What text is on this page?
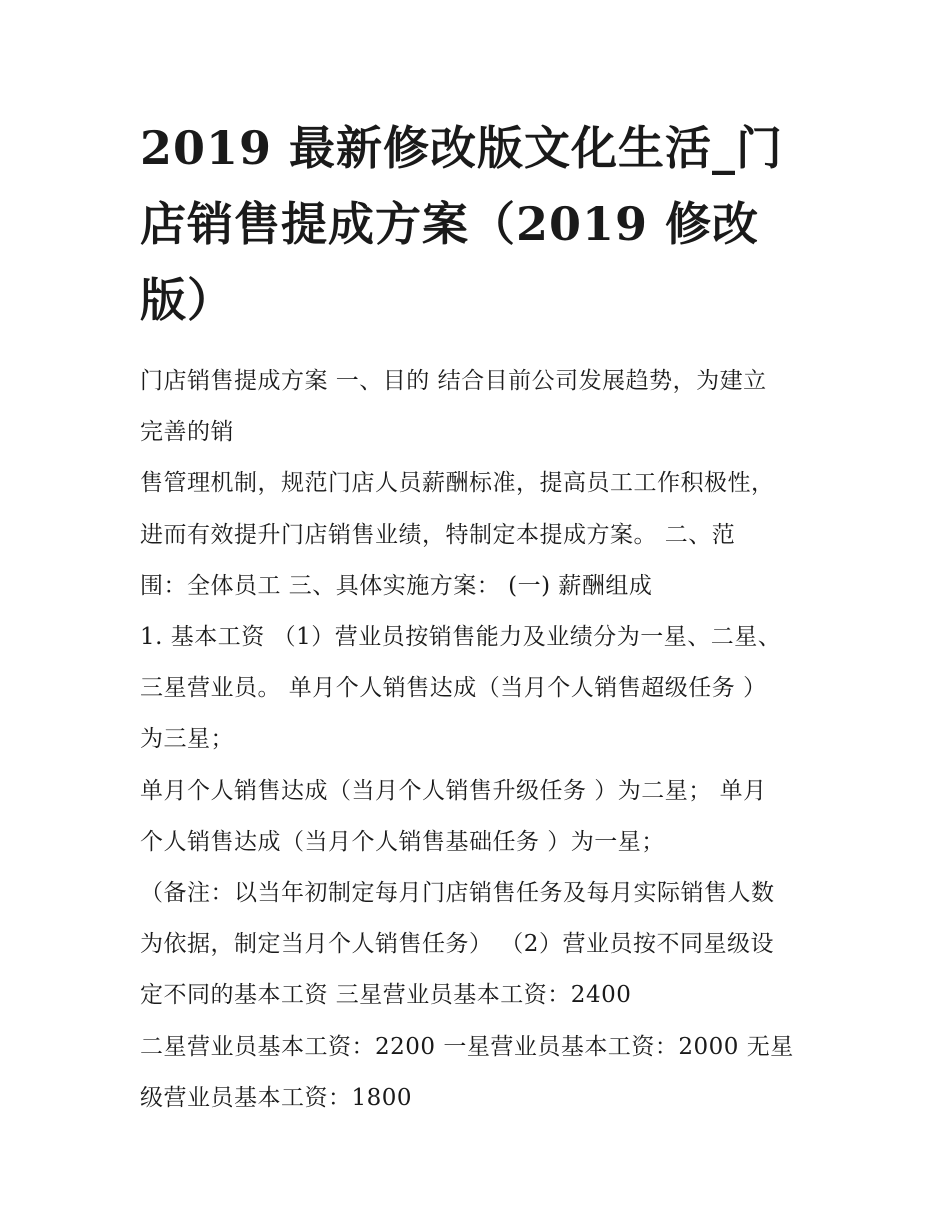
2019 最新修改版文化生活_门
店销售提成方案（2019 修改
版）

门店销售提成方案 一、目的 结合目前公司发展趋势，为建立

完善的销

售管理机制，规范门店人员薪酬标准，提高员工工作积极性，

进而有效提升门店销售业绩，特制定本提成方案。 二、范

围：全体员工 三、具体实施方案： (一) 薪酬组成

1. 基本工资 （1）营业员按销售能力及业绩分为一星、二星、

三星营业员。 单月个人销售达成（当月个人销售超级任务 ）

为三星；

单月个人销售达成（当月个人销售升级任务 ）为二星； 单月

个人销售达成（当月个人销售基础任务 ）为一星；

（备注：以当年初制定每月门店销售任务及每月实际销售人数

为依据，制定当月个人销售任务） （2）营业员按不同星级设

定不同的基本工资 三星营业员基本工资：2400

二星营业员基本工资：2200 一星营业员基本工资：2000 无星

级营业员基本工资：1800
